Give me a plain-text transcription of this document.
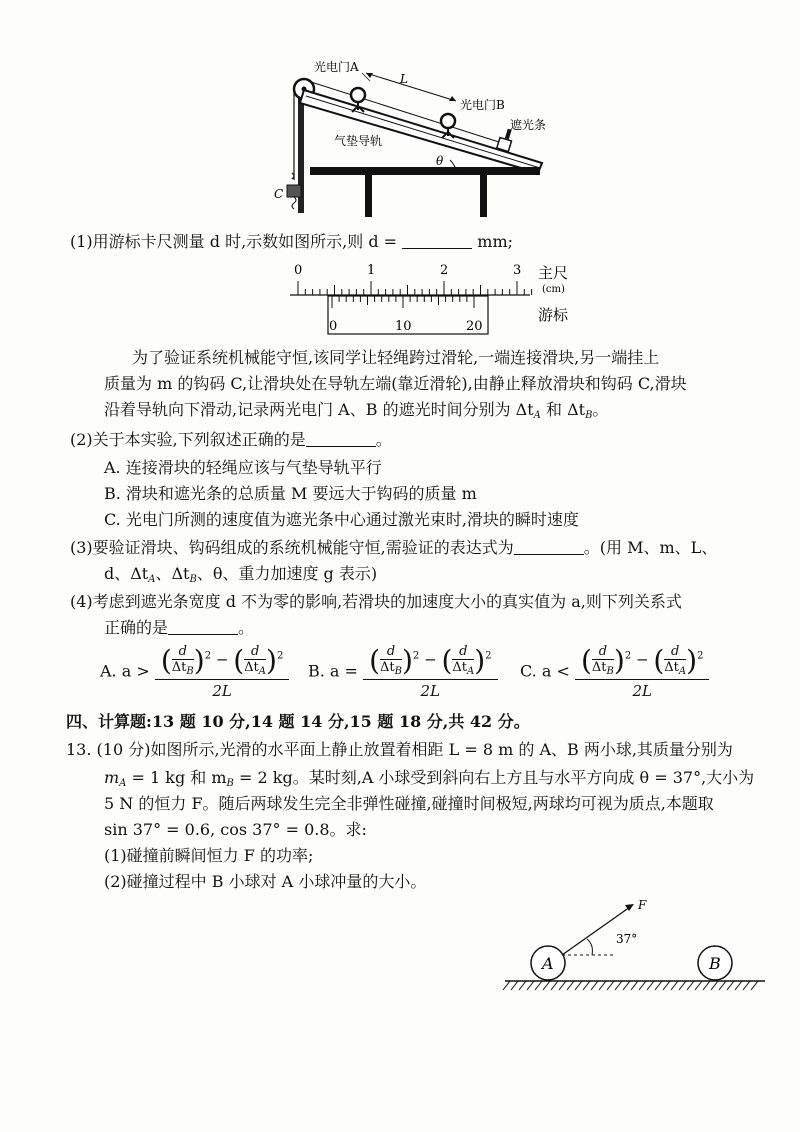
C
L
θ
光电门A
光电门B
遮光条
气垫导轨
(1)用游标卡尺测量 d 时,示数如图所示,则 d =	mm;
0	1	2	3
0	10	20
主尺
(cm)
游标
为了验证系统机械能守恒,该同学让轻绳跨过滑轮,一端连接滑块,另一端挂上
质量为 m 的钩码 C,让滑块处在导轨左端(靠近滑轮),由静止释放滑块和钩码 C,滑块
沿着导轨向下滑动,记录两光电门 A、B 的遮光时间分别为 $\Delta t_A$ 和 $\Delta t_B$。
(2)关于本实验,下列叙述正确的是	。
A. 连接滑块的轻绳应该与气垫导轨平行
B. 滑块和遮光条的总质量 M 要远大于钩码的质量 m
C. 光电门所测的速度值为遮光条中心通过激光束时,滑块的瞬时速度
(3)要验证滑块、钩码组成的系统机械能守恒,需验证的表达式为	。(用 M、m、L、
d、$\Delta t_A$、$\Delta t_B$、θ、重力加速度 g 表示)
(4)考虑到遮光条宽度 d 不为零的影响,若滑块的加速度大小的真实值为 a,则下列关系式
正确的是	。
A. $a > \frac{( \frac{d}{\Delta t_B} )^2 - ( \frac{d}{\Delta t_A} )^2}{2L} B$. $a = \frac{( \frac{d}{\Delta t_B} )^2 - ( \frac{d}{\Delta t_A} )^2}{2L} C$. $a < \frac{( \frac{d}{\Delta t_B} )^2 - ( \frac{d}{\Delta t_A} )^2}{2L}$
四、计算题:13 题 10 分,14 题 14 分,15 题 18 分,共 42 分。
13. (10 分)如图所示,光滑的水平面上静止放置着相距 L = 8 m 的 A、B 两小球,其质量分别为
$m_A = 1$ kg 和 $m_B = 2$ kg。某时刻,A 小球受到斜向右上方且与水平方向成 θ = 37°,大小为
5 N 的恒力 F。随后两球发生完全非弹性碰撞,碰撞时间极短,两球均可视为质点,本题取
sin 37° = 0.6, cos 37° = 0.8。求:
(1)碰撞前瞬间恒力 F 的功率;
(2)碰撞过程中 B 小球对 A 小球冲量的大小。
A	B
F
37°
